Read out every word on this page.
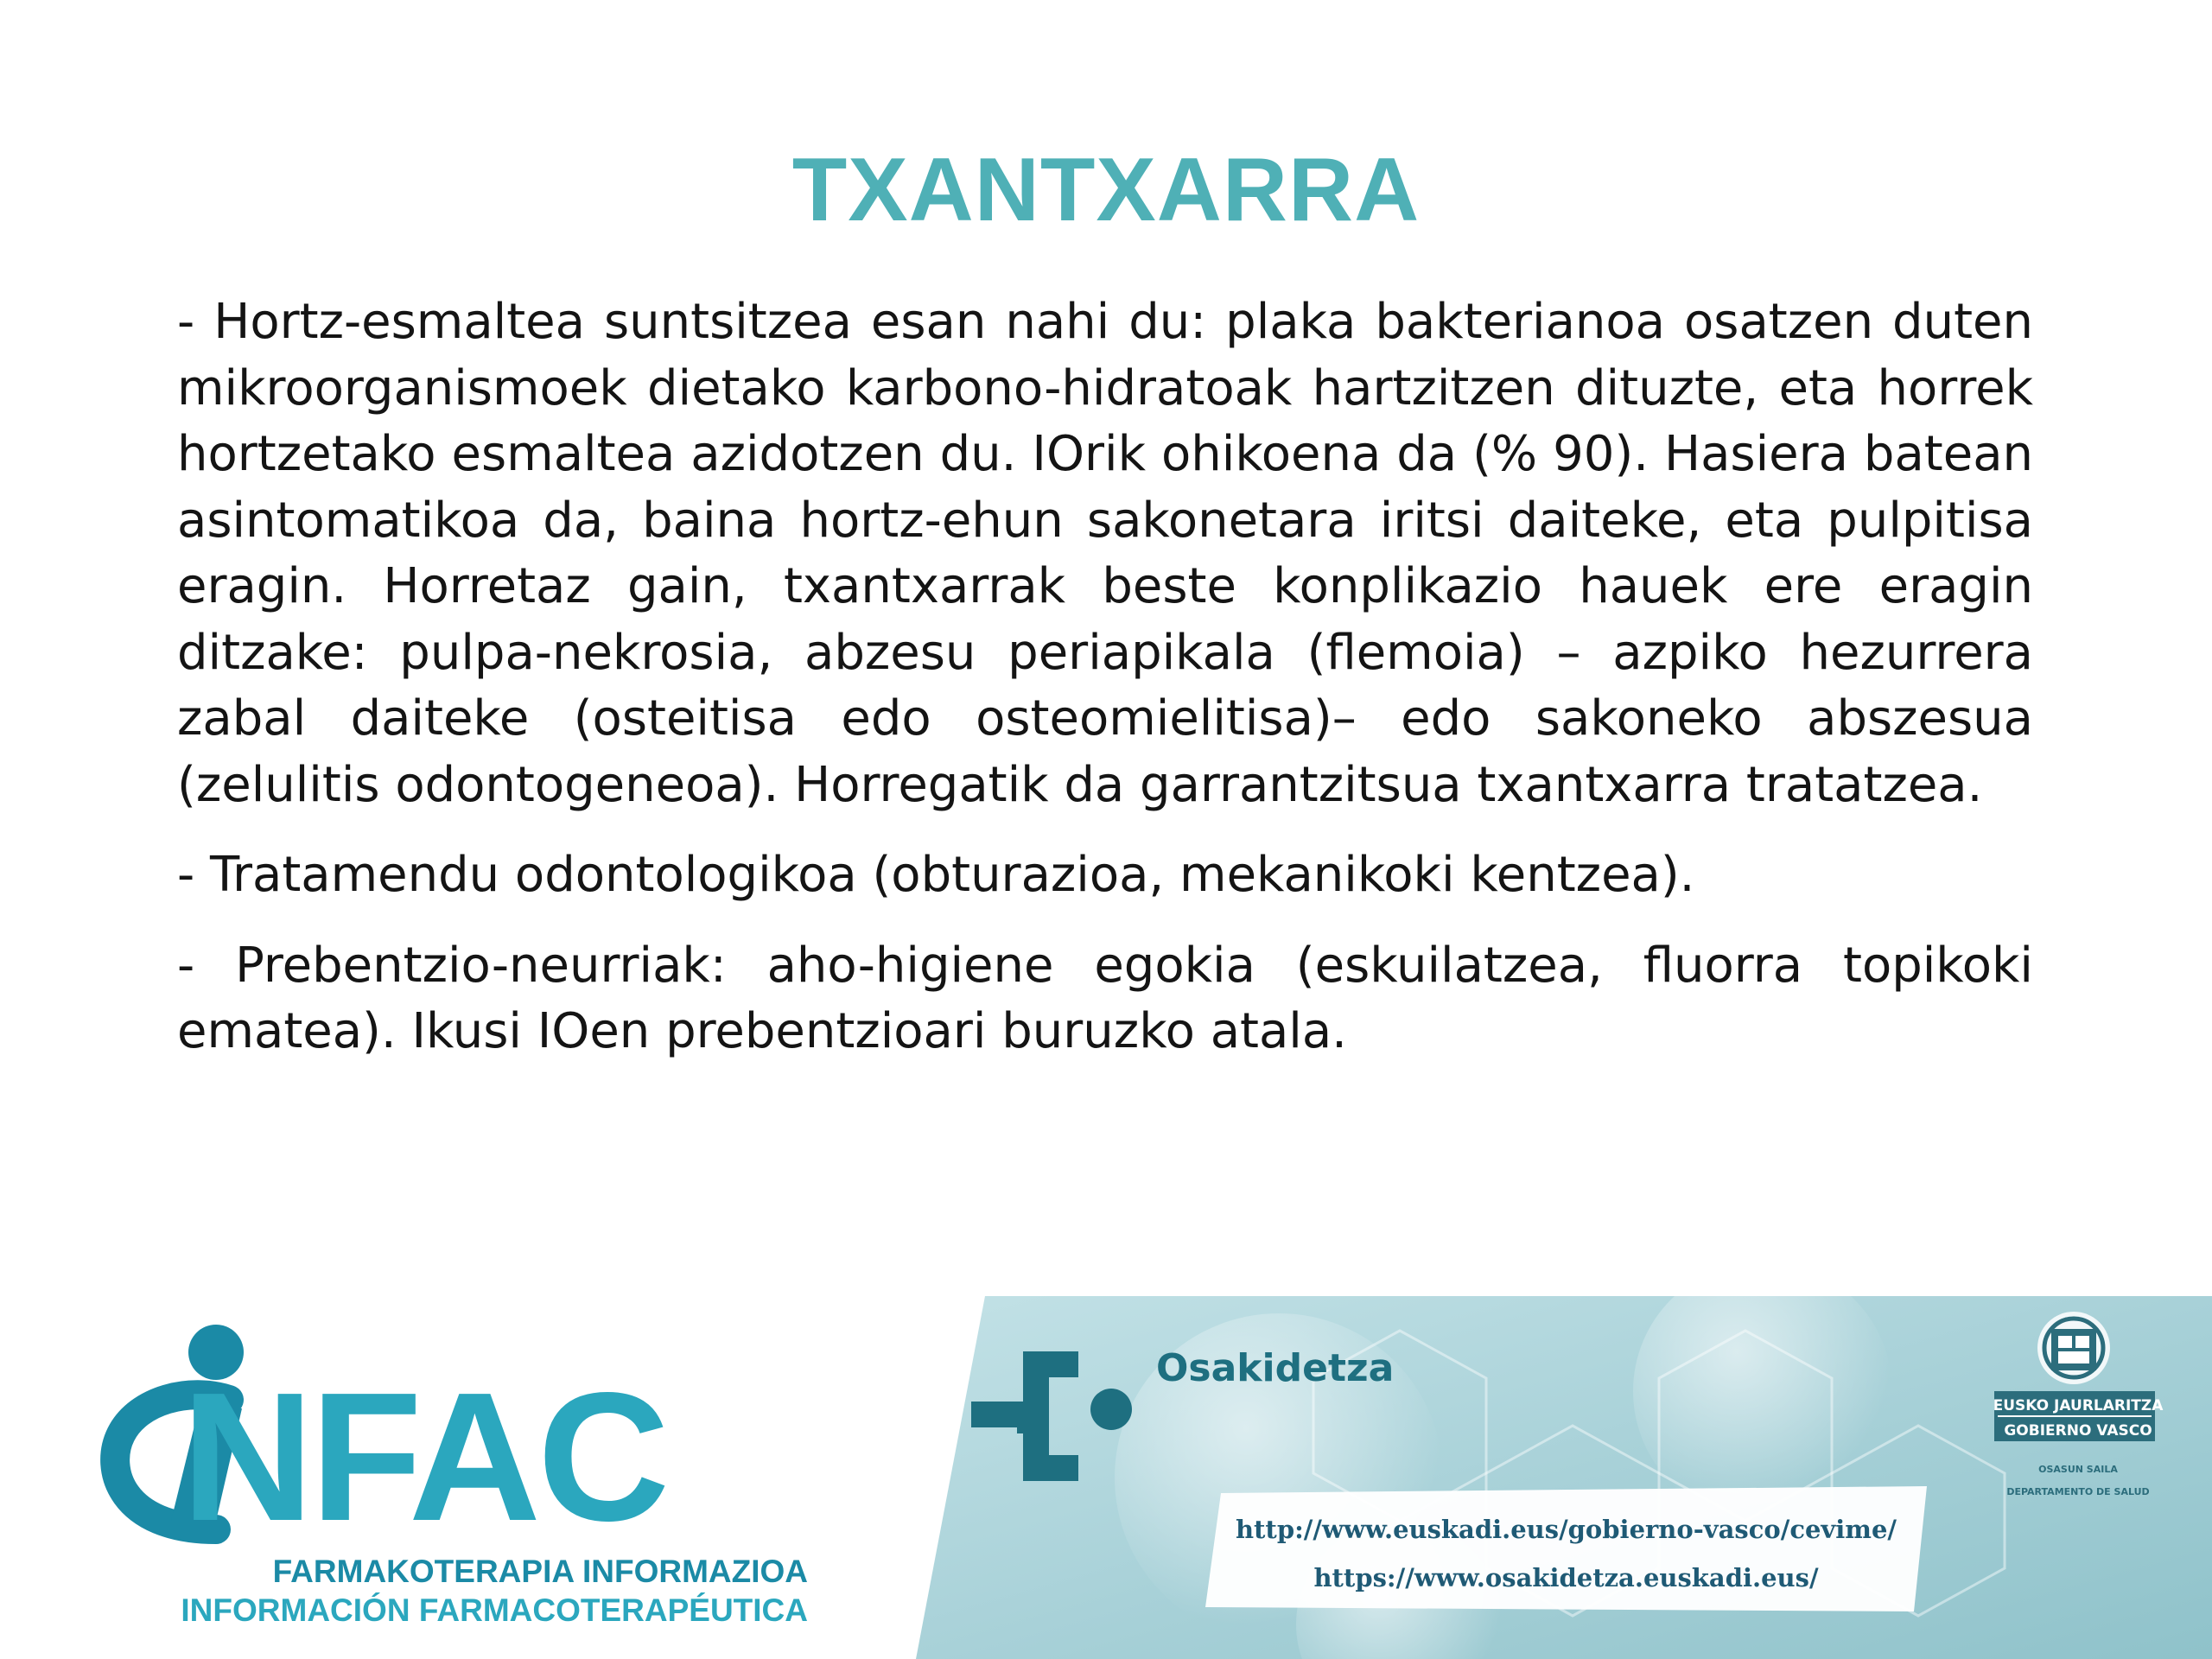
TXANTXARRA

- Hortz-esmaltea suntsitzea esan nahi du: plaka bakterianoa osatzen duten mikroorganismoek dietako karbono-hidratoak hartzitzen dituzte, eta horrek hortzetako esmaltea azidotzen du. IOrik ohikoena da (% 90). Hasiera batean asintomatikoa da, baina hortz-ehun sakonetara iritsi daiteke, eta pulpitisa eragin. Horretaz gain, txantxarrak beste konplikazio hauek ere eragin ditzake: pulpa-nekrosia, abzesu periapikala (flemoia) – azpiko hezurrera zabal daiteke (osteitisa edo osteomielitisa)– edo sakoneko abszesua (zelulitis odontogeneoa). Horregatik da garrantzitsua txantxarra tratatzea.

- Tratamendu odontologikoa (obturazioa, mekanikoki kentzea).

- Prebentzio-neurriak: aho-higiene egokia (eskuilatzea, fluorra topikoki ematea). Ikusi IOen prebentzioari buruzko atala.

Osakidetza
http://www.euskadi.eus/gobierno-vasco/cevime/
https://www.osakidetza.euskadi.eus/
EUSKO JAURLARITZA
GOBIERNO VASCO
OSASUN SAILA
DEPARTAMENTO DE SALUD
NFAC
FARMAKOTERAPIA INFORMAZIOA
INFORMACIÓN FARMACOTERAPÉUTICA
